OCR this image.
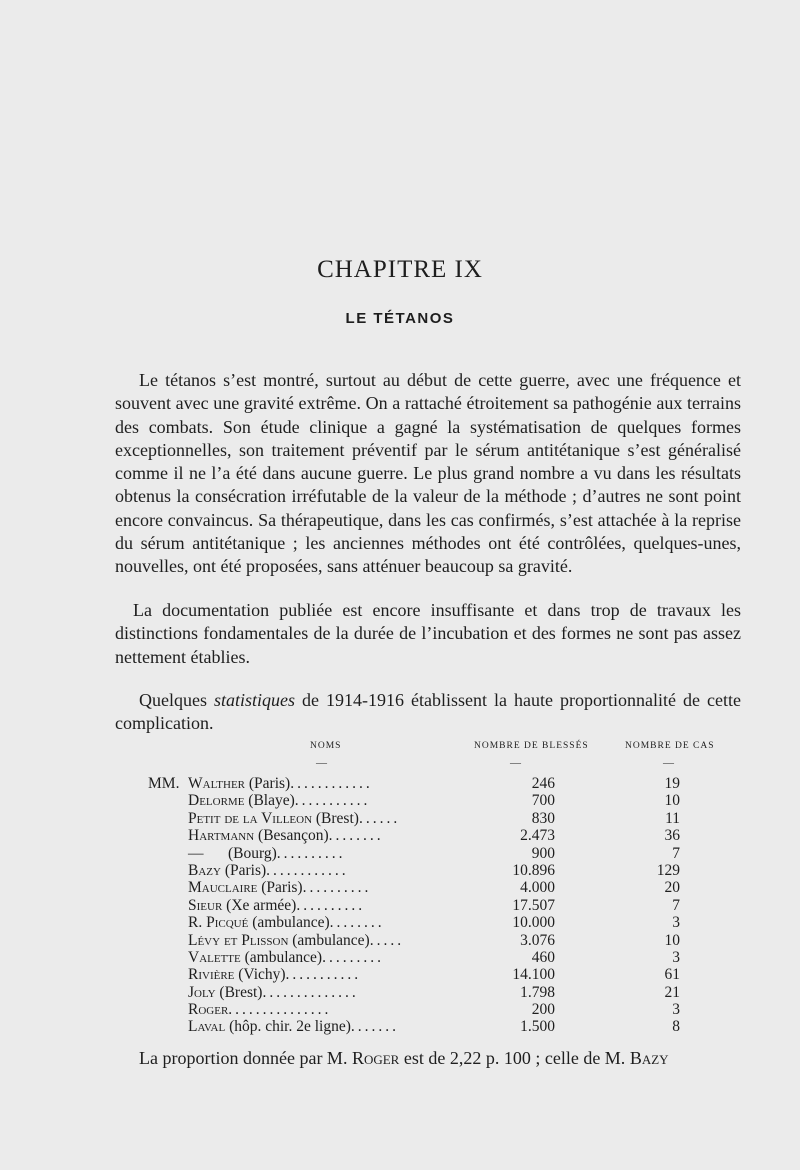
CHAPITRE IX
LE TÉTANOS
Le tétanos s’est montré, surtout au début de cette guerre, avec une fréquence et souvent avec une gravité extrême. On a rattaché étroitement sa pathogénie aux terrains des combats. Son étude clinique a gagné la systématisation de quelques formes exceptionnelles, son traitement préventif par le sérum antitétanique s’est généralisé comme il ne l’a été dans aucune guerre. Le plus grand nombre a vu dans les résultats obtenus la consécration irréfutable de la valeur de la méthode ; d’autres ne sont point encore convaincus. Sa thérapeutique, dans les cas confirmés, s’est attachée à la reprise du sérum antitétanique ; les anciennes méthodes ont été contrôlées, quelques-unes, nouvelles, ont été proposées, sans atténuer beaucoup sa gravité.
La documentation publiée est encore insuffisante et dans trop de travaux les distinctions fondamentales de la durée de l’incubation et des formes ne sont pas assez nettement établies.
Quelques statistiques de 1914-1916 établissent la haute proportionnalité de cette complication.
NOMS	NOMBRE DE BLESSÉS	NOMBRE DE CAS
—	—	—
MM. Walther (Paris)............	246	19
Delorme (Blaye)...........	700	10
Petit de la Villeon (Brest)......	830	11
Hartmann (Besançon)........	2.473	36
— (Bourg)..........	900	7
Bazy (Paris)............	10.896	129
Mauclaire (Paris)..........	4.000	20
Sieur (Xe armée)..........	17.507	7
R. Picqué (ambulance)........	10.000	3
Lévy et Plisson (ambulance).....	3.076	10
Valette (ambulance).........	460	3
Rivière (Vichy)...........	14.100	61
Joly (Brest)..............	1.798	21
Roger...............	200	3
Laval (hôp. chir. 2e ligne).......	1.500	8
La proportion donnée par M. Roger est de 2,22 p. 100 ; celle de M. Bazy
